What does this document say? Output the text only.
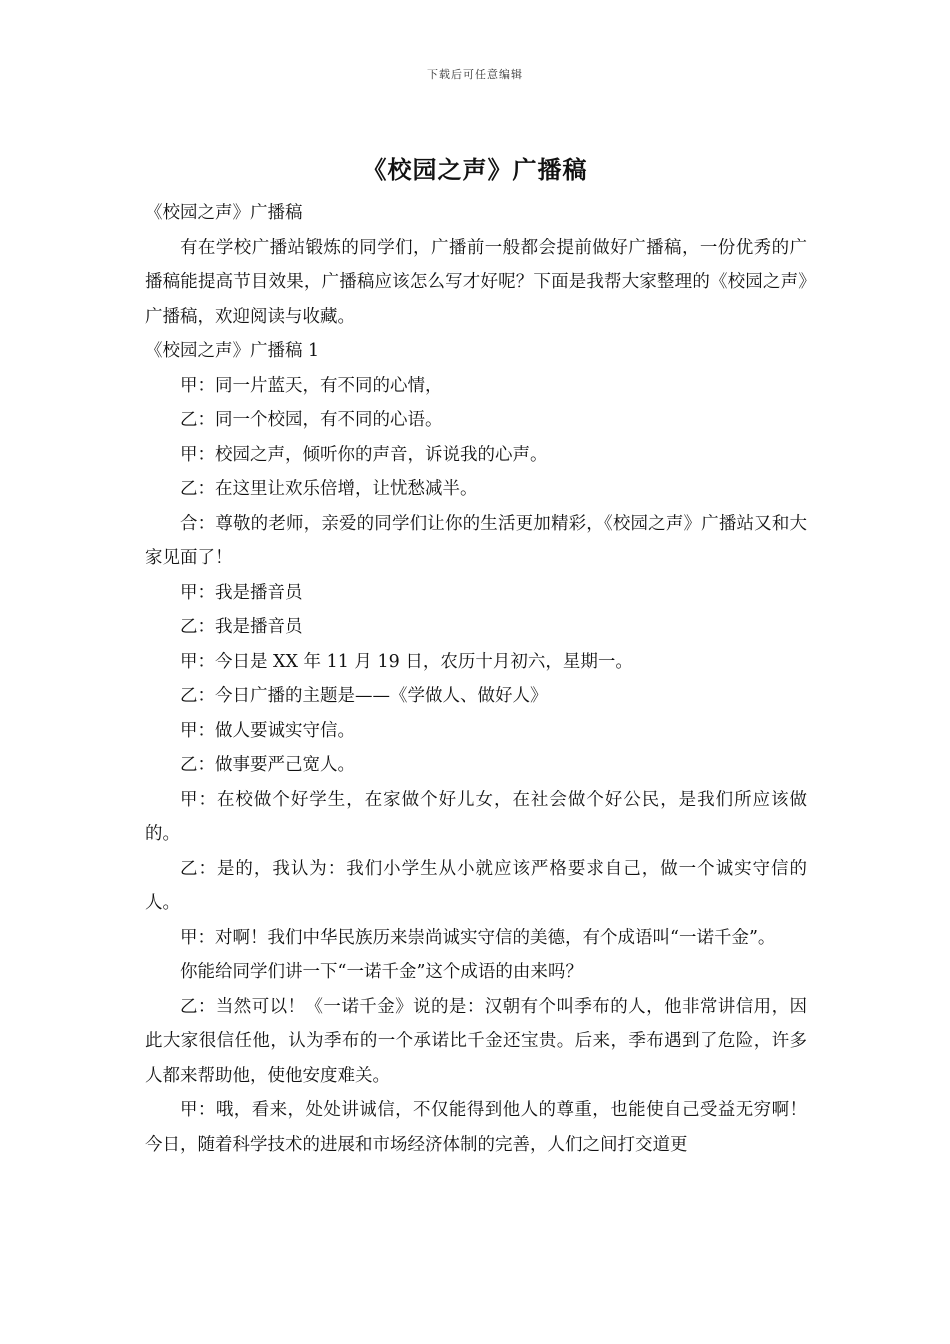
下载后可任意编辑
《校园之声》广播稿

《校园之声》广播稿

有在学校广播站锻炼的同学们，广播前一般都会提前做好广播稿，一份优秀的广播稿能提高节目效果，广播稿应该怎么写才好呢？下面是我帮大家整理的《校园之声》广播稿，欢迎阅读与收藏。

《校园之声》广播稿 1

甲：同一片蓝天，有不同的心情，

乙：同一个校园，有不同的心语。

甲：校园之声，倾听你的声音，诉说我的心声。

乙：在这里让欢乐倍增，让忧愁减半。

合：尊敬的老师，亲爱的同学们让你的生活更加精彩，《校园之声》广播站又和大家见面了！

甲：我是播音员

乙：我是播音员

甲：今日是 XX 年 11 月 19 日，农历十月初六，星期一。

乙：今日广播的主题是——《学做人、做好人》

甲：做人要诚实守信。

乙：做事要严己宽人。

甲：在校做个好学生，在家做个好儿女，在社会做个好公民，是我们所应该做的。

乙：是的，我认为：我们小学生从小就应该严格要求自己，做一个诚实守信的人。

甲：对啊！我们中华民族历来崇尚诚实守信的美德，有个成语叫“一诺千金”。

你能给同学们讲一下“一诺千金”这个成语的由来吗？

乙：当然可以！《一诺千金》说的是：汉朝有个叫季布的人，他非常讲信用，因此大家很信任他，认为季布的一个承诺比千金还宝贵。后来，季布遇到了危险，许多人都来帮助他，使他安度难关。

甲：哦，看来，处处讲诚信，不仅能得到他人的尊重，也能使自己受益无穷啊！今日，随着科学技术的进展和市场经济体制的完善，人们之间打交道更
